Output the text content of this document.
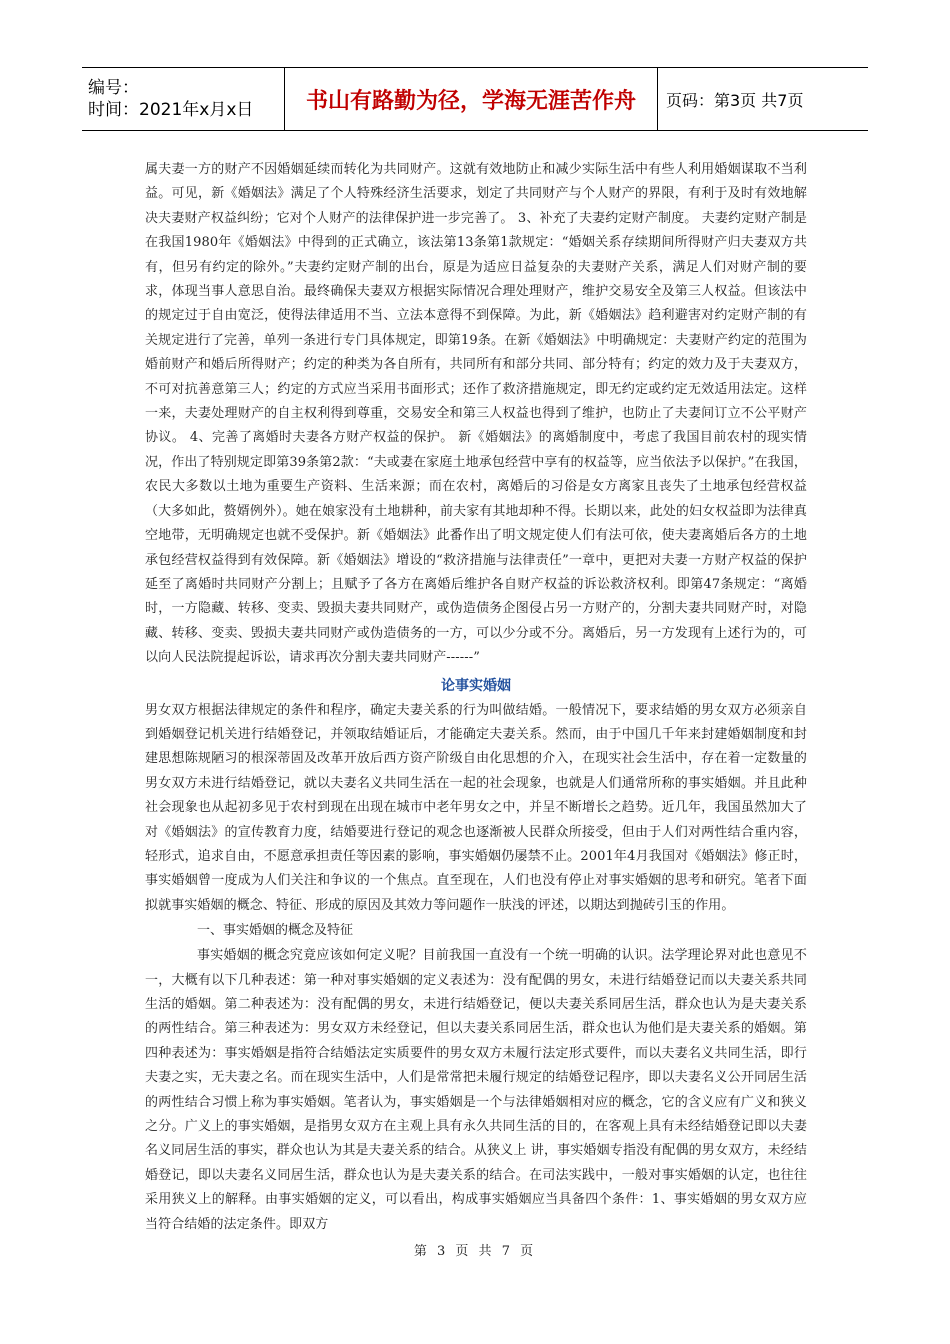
编号：
时间：2021年x月x日	书山有路勤为径，学海无涯苦作舟 页码：第3页 共7页

属夫妻一方的财产不因婚姻延续而转化为共同财产。这就有效地防止和减少实际生活中有些人利用婚姻谋取不当利益。可见，新《婚姻法》满足了个人特殊经济生活要求，划定了共同财产与个人财产的界限，有利于及时有效地解决夫妻财产权益纠纷；它对个人财产的法律保护进一步完善了。 3、补充了夫妻约定财产制度。 夫妻约定财产制是在我国1980年《婚姻法》中得到的正式确立，该法第13条第1款规定：“婚姻关系存续期间所得财产归夫妻双方共有，但另有约定的除外。”夫妻约定财产制的出台，原是为适应日益复杂的夫妻财产关系，满足人们对财产制的要求，体现当事人意思自治。最终确保夫妻双方根据实际情况合理处理财产，维护交易安全及第三人权益。但该法中的规定过于自由宽泛，使得法律适用不当、立法本意得不到保障。为此，新《婚姻法》趋利避害对约定财产制的有关规定进行了完善，单列一条进行专门具体规定，即第19条。在新《婚姻法》中明确规定：夫妻财产约定的范围为婚前财产和婚后所得财产；约定的种类为各自所有，共同所有和部分共同、部分特有；约定的效力及于夫妻双方，不可对抗善意第三人；约定的方式应当采用书面形式；还作了救济措施规定，即无约定或约定无效适用法定。这样一来，夫妻处理财产的自主权利得到尊重，交易安全和第三人权益也得到了维护，也防止了夫妻间订立不公平财产协议。 4、完善了离婚时夫妻各方财产权益的保护。 新《婚姻法》的离婚制度中，考虑了我国目前农村的现实情况，作出了特别规定即第39条第2款：“夫或妻在家庭土地承包经营中享有的权益等，应当依法予以保护。”在我国，农民大多数以土地为重要生产资料、生活来源；而在农村，离婚后的习俗是女方离家且丧失了土地承包经营权益（大多如此，赘婿例外）。她在娘家没有土地耕种，前夫家有其地却种不得。长期以来，此处的妇女权益即为法律真空地带，无明确规定也就不受保护。新《婚姻法》此番作出了明文规定使人们有法可依，使夫妻离婚后各方的土地承包经营权益得到有效保障。新《婚姻法》增设的“救济措施与法律责任”一章中，更把对夫妻一方财产权益的保护延至了离婚时共同财产分割上；且赋予了各方在离婚后维护各自财产权益的诉讼救济权利。即第47条规定：“离婚时，一方隐藏、转移、变卖、毁损夫妻共同财产，或伪造债务企图侵占另一方财产的，分割夫妻共同财产时，对隐藏、转移、变卖、毁损夫妻共同财产或伪造债务的一方，可以少分或不分。离婚后，另一方发现有上述行为的，可以向人民法院提起诉讼，请求再次分割夫妻共同财产------”

论事实婚姻

男女双方根据法律规定的条件和程序，确定夫妻关系的行为叫做结婚。一般情况下，要求结婚的男女双方必须亲自到婚姻登记机关进行结婚登记，并领取结婚证后，才能确定夫妻关系。然而，由于中国几千年来封建婚姻制度和封建思想陈规陋习的根深蒂固及改革开放后西方资产阶级自由化思想的介入，在现实社会生活中，存在着一定数量的男女双方未进行结婚登记，就以夫妻名义共同生活在一起的社会现象，也就是人们通常所称的事实婚姻。并且此种社会现象也从起初多见于农村到现在出现在城市中老年男女之中，并呈不断增长之趋势。近几年，我国虽然加大了对《婚姻法》的宣传教育力度，结婚要进行登记的观念也逐渐被人民群众所接受，但由于人们对两性结合重内容，轻形式，追求自由，不愿意承担责任等因素的影响，事实婚姻仍屡禁不止。2001年4月我国对《婚姻法》修正时，事实婚姻曾一度成为人们关注和争议的一个焦点。直至现在，人们也没有停止对事实婚姻的思考和研究。笔者下面拟就事实婚姻的概念、特征、形成的原因及其效力等问题作一肤浅的评述，以期达到抛砖引玉的作用。

一、事实婚姻的概念及特征

事实婚姻的概念究竟应该如何定义呢？目前我国一直没有一个统一明确的认识。法学理论界对此也意见不一，大概有以下几种表述：第一种对事实婚姻的定义表述为：没有配偶的男女，未进行结婚登记而以夫妻关系共同生活的婚姻。第二种表述为：没有配偶的男女，未进行结婚登记，便以夫妻关系同居生活，群众也认为是夫妻关系的两性结合。第三种表述为：男女双方未经登记，但以夫妻关系同居生活，群众也认为他们是夫妻关系的婚姻。第四种表述为：事实婚姻是指符合结婚法定实质要件的男女双方未履行法定形式要件，而以夫妻名义共同生活，即行夫妻之实，无夫妻之名。而在现实生活中，人们是常常把未履行规定的结婚登记程序，即以夫妻名义公开同居生活的两性结合习惯上称为事实婚姻。笔者认为，事实婚姻是一个与法律婚姻相对应的概念，它的含义应有广义和狭义之分。广义上的事实婚姻，是指男女双方在主观上具有永久共同生活的目的，在客观上具有未经结婚登记即以夫妻名义同居生活的事实，群众也认为其是夫妻关系的结合。从狭义上 讲，事实婚姻专指没有配偶的男女双方，未经结婚登记，即以夫妻名义同居生活，群众也认为是夫妻关系的结合。在司法实践中，一般对事实婚姻的认定，也往往采用狭义上的解释。由事实婚姻的定义，可以看出，构成事实婚姻应当具备四个条件：1、事实婚姻的男女双方应当符合结婚的法定条件。即双方

第 3 页 共 7 页
